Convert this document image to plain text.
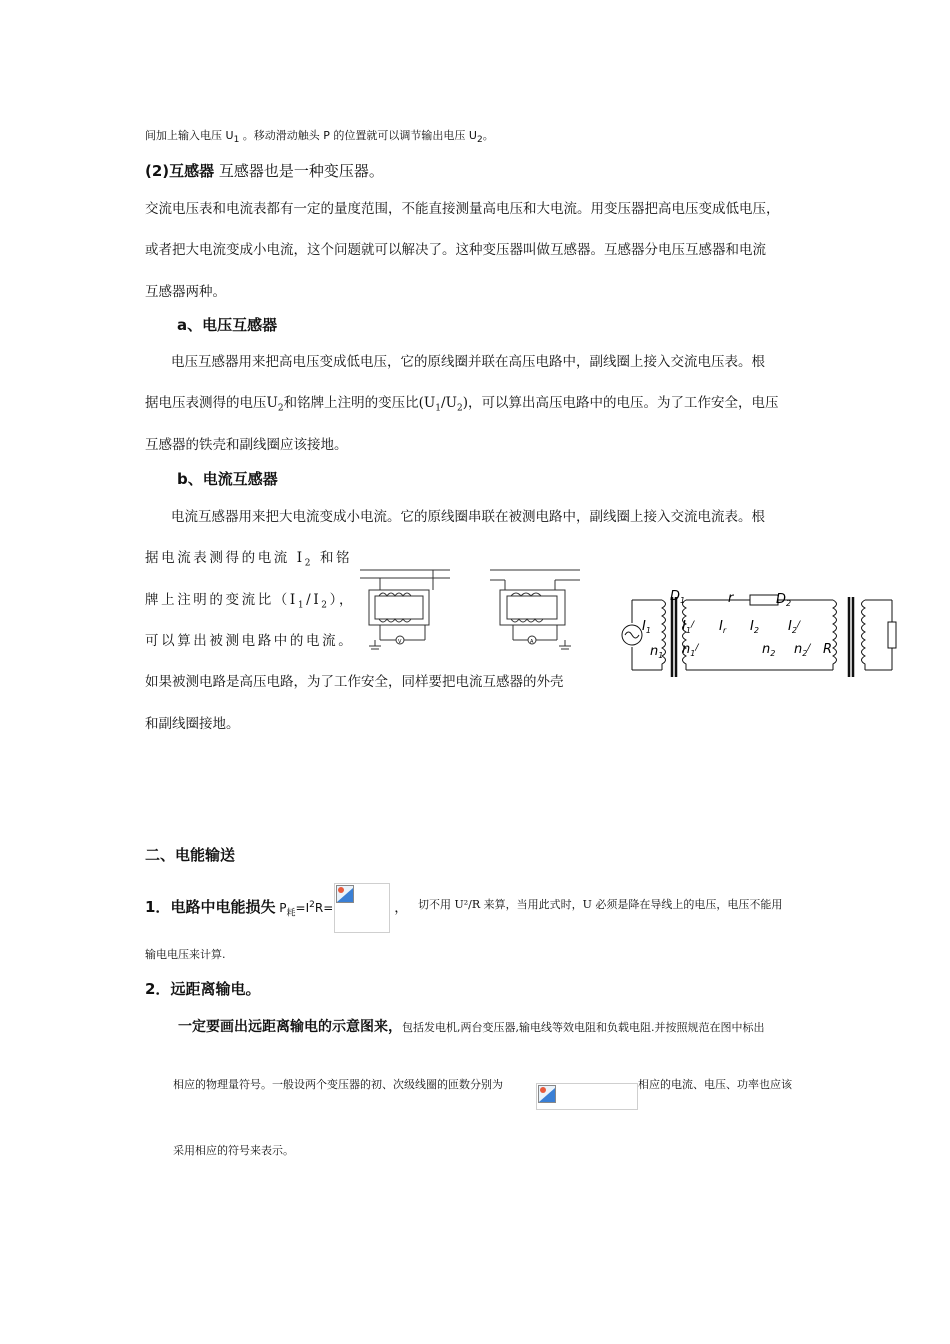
间加上输入电压 $U_1$ 。移动滑动触头 P 的位置就可以调节输出电压 $U_2$。
(2)互感器 互感器也是一种变压器。
交流电压表和电流表都有一定的量度范围，不能直接测量高电压和大电流。用变压器把高电压变成低电压，
或者把大电流变成小电流，这个问题就可以解决了。这种变压器叫做互感器。互感器分电压互感器和电流
互感器两种。
a、电压互感器
电压互感器用来把高电压变成低电压，它的原线圈并联在高压电路中，副线圈上接入交流电压表。根
据电压表测得的电压$U_2$和铭牌上注明的变压比$(U_1/U_2)$，可以算出高压电路中的电压。为了工作安全，电压
互感器的铁壳和副线圈应该接地。
b、电流互感器
电流互感器用来把大电流变成小电流。它的原线圈串联在被测电路中，副线圈上接入交流电流表。根
据电流表测得的电流 $I_2$ 和铭
牌上注明的变流比$(I_1/I_2)$，
可以算出被测电路中的电流。
如果被测电路是高压电路，为了工作安全，同样要把电流互感器的外壳
和副线圈接地。
V	A
$I_1$
$n_1$
$D_1$	r	$D_2$
$I_1^/$ $I_r$ $I_2$ $I_2^/$
$n_1^/$	$n_2$ $n_2^/$ R
二、电能输送
1．电路中电能损失 $P_耗=I^2R=$	， 切不用 U²/R 来算，当用此式时，U 必须是降在导线上的电压，电压不能用
输电电压来计算.
2．远距离输电。
一定要画出远距离输电的示意图来，包括发电机,两台变压器,输电线等效电阻和负载电阻.并按照规范在图中标出
相应的物理量符号。一般设两个变压器的初、次级线圈的匝数分别为	相应的电流、电压、功率也应该
采用相应的符号来表示。
